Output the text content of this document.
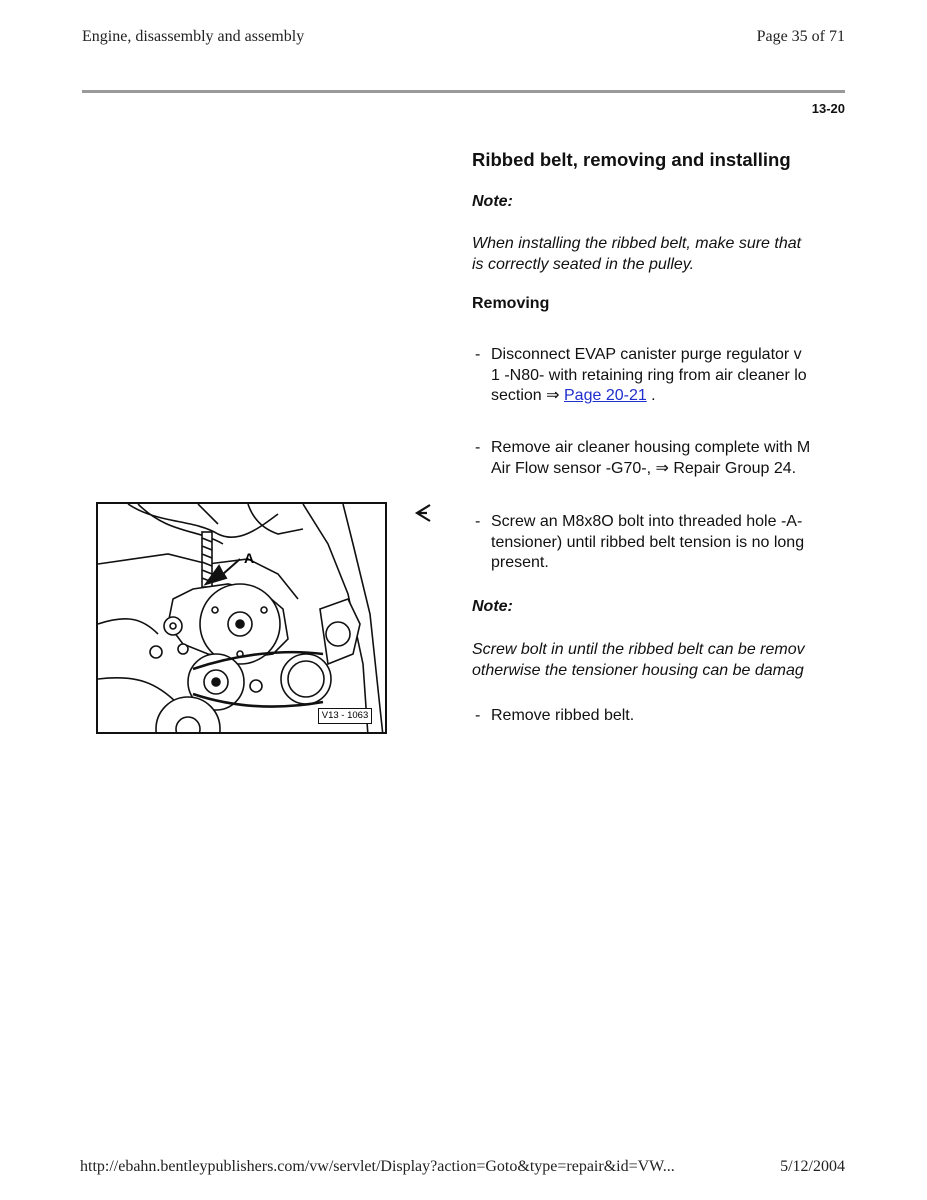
Engine, disassembly and assembly	Page 35 of 71
13-20
Ribbed belt, removing and installing
Note:
When installing the ribbed belt, make sure that
is correctly seated in the pulley.
Removing
- Disconnect EVAP canister purge regulator v
1 -N80- with retaining ring from air cleaner lo
section ⇒ Page 20-21 .
- Remove air cleaner housing complete with M
Air Flow sensor -G70-, ⇒ Repair Group 24.
- Screw an M8x8O bolt into threaded hole -A-
tensioner) until ribbed belt tension is no long
present.
Note:
Screw bolt in until the ribbed belt can be remov
otherwise the tensioner housing can be damag
- Remove ribbed belt.
A
V13 - 1063
http://ebahn.bentleypublishers.com/vw/servlet/Display?action=Goto&type=repair&id=VW...	5/12/2004
